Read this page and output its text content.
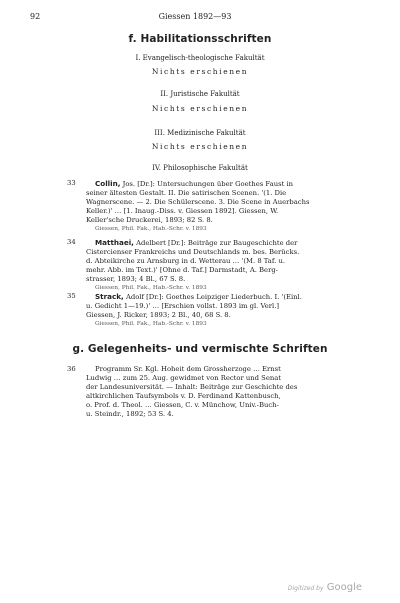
92	Giessen 1892—93
f. Habilitationsschriften
I. Evangelisch-theologische Fakultät
Nichts erschienen
II. Juristische Fakultät
Nichts erschienen
III. Medizinische Fakultät
Nichts erschienen
IV. Philosophische Fakultät
33	Collin, Jos. [Dr.]: Untersuchungen über Goethes Faust in
seiner ältesten Gestalt. II. Die satirischen Scenen. '(1. Die
Wagnerscene. — 2. Die Schülerscene. 3. Die Scene in Auerbachs
Keller.)' … [1. Inaug.-Diss. v. Giessen 1892]. Giessen, W.
Keller'sche Druckerei, 1893; 82 S. 8.
Giessen, Phil. Fak., Hab.-Schr. v. 1893
34	Matthaei, Adelbert [Dr.]: Beiträge zur Baugeschichte der
Cistercienser Frankreichs und Deutschlands m. bes. Berücks.
d. Abteikirche zu Arnsburg in d. Wetterau … '(M. 8 Taf. u.
mehr. Abb. im Text.)' [Ohne d. Taf.] Darmstadt, A. Berg-
strasser, 1893; 4 Bl., 67 S. 8.
Giessen, Phil. Fak., Hab.-Schr. v. 1893
35	Strack, Adolf [Dr.]: Goethes Leipziger Liederbuch. I. '(Einl.
u. Gedicht 1—19.)' … [Erschien vollst. 1893 im gl. Verl.]
Giessen, J. Ricker, 1893; 2 Bl., 40, 68 S. 8.
Giessen, Phil. Fak., Hab.-Schr. v. 1893
g. Gelegenheits- und vermischte Schriften
36	Programm Sr. Kgl. Hoheit dem Grossherzoge … Ernst
Ludwig … zum 25. Aug. gewidmet von Rector und Senat
der Landesuniversität. — Inhalt: Beiträge zur Geschichte des
altkirchlichen Taufsymbols v. D. Ferdinand Kattenbusch,
o. Prof. d. Theol. … Giessen, C. v. Münchow, Univ.-Buch-
u. Steindr., 1892; 53 S. 4.
Digitized by Google
